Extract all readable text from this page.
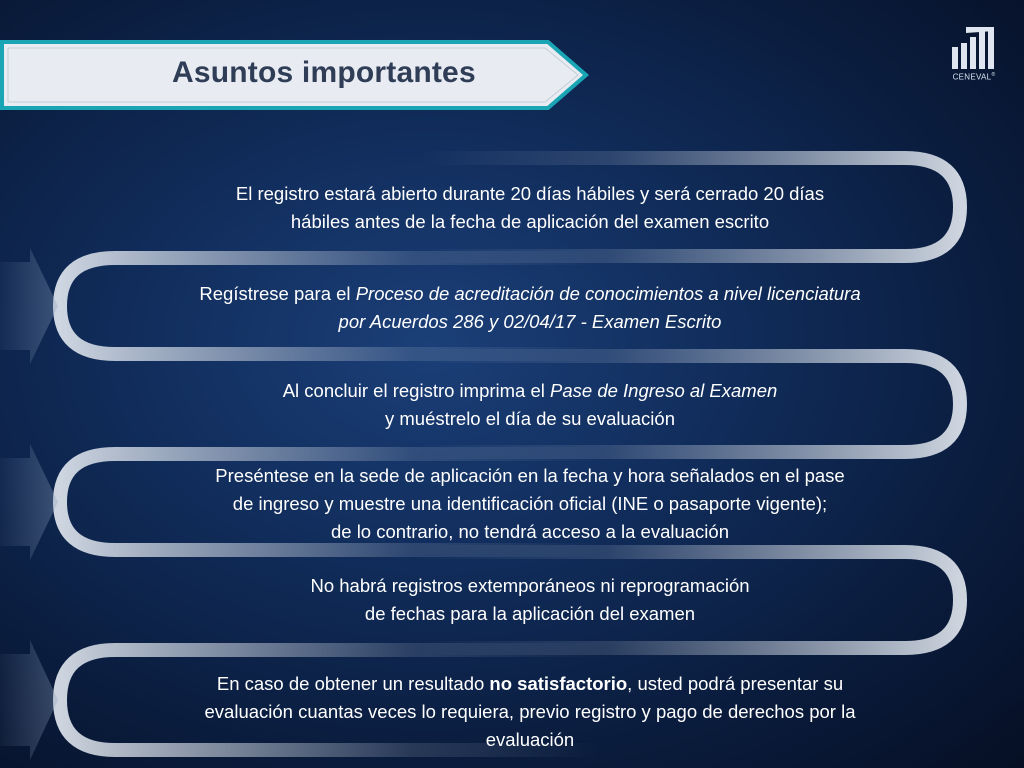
Asuntos importantes	CENEVAL®

El registro estará abierto durante 20 días hábiles y será cerrado 20 días

hábiles antes de la fecha de aplicación del examen escrito

Regístrese para el Proceso de acreditación de conocimientos a nivel licenciatura

por Acuerdos 286 y 02/04/17 - Examen Escrito

Al concluir el registro imprima el Pase de Ingreso al Examen

y muéstrelo el día de su evaluación

Preséntese en la sede de aplicación en la fecha y hora señalados en el pase

de ingreso y muestre una identificación oficial (INE o pasaporte vigente);

de lo contrario, no tendrá acceso a la evaluación

No habrá registros extemporáneos ni reprogramación

de fechas para la aplicación del examen

En caso de obtener un resultado no satisfactorio, usted podrá presentar su

evaluación cuantas veces lo requiera, previo registro y pago de derechos por la

evaluación
